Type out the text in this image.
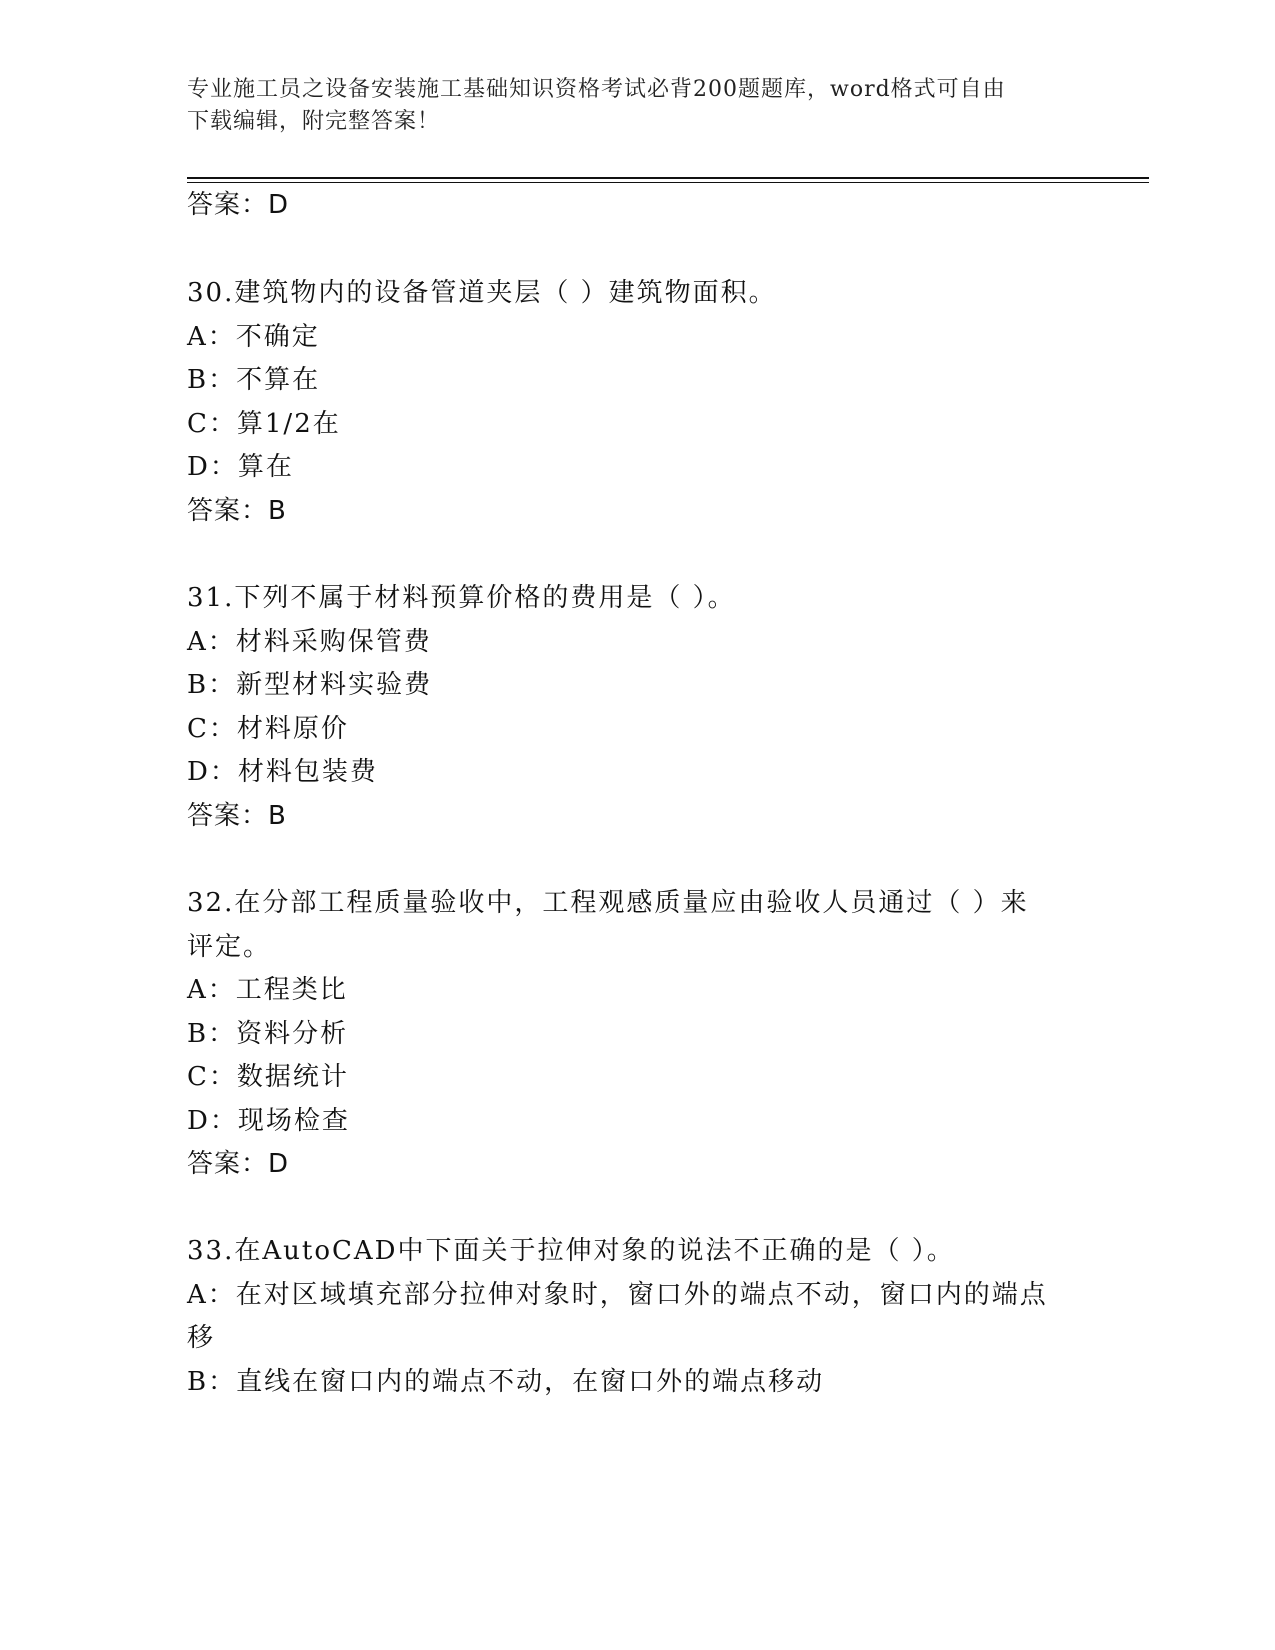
专业施工员之设备安装施工基础知识资格考试必背200题题库，word格式可自由
下载编辑，附完整答案！
答案：D
30.建筑物内的设备管道夹层（ ）建筑物面积。
A：不确定
B：不算在
C：算1/2在
D：算在
答案：B
31.下列不属于材料预算价格的费用是（ ）。
A：材料采购保管费
B：新型材料实验费
C：材料原价
D：材料包装费
答案：B
32.在分部工程质量验收中，工程观感质量应由验收人员通过（ ）来
评定。
A：工程类比
B：资料分析
C：数据统计
D：现场检查
答案：D
33.在AutoCAD中下面关于拉伸对象的说法不正确的是（ ）。
A：在对区域填充部分拉伸对象时，窗口外的端点不动，窗口内的端点
移
B：直线在窗口内的端点不动，在窗口外的端点移动
